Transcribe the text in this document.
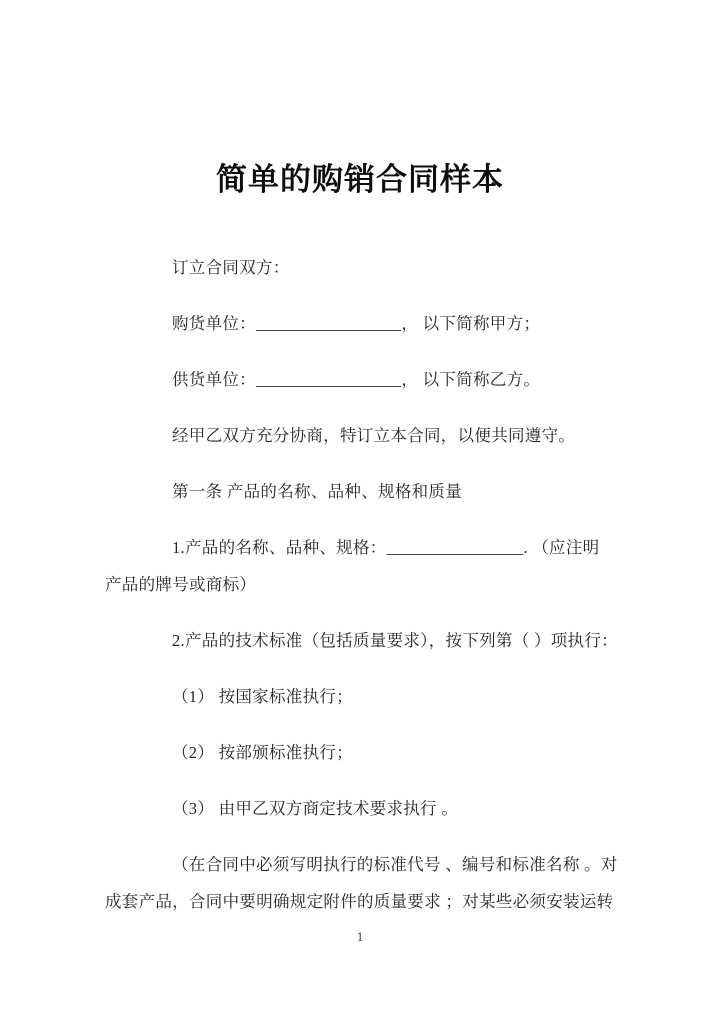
简单的购销合同样本

订立合同双方：

购货单位：_________________， 以下简称甲方；

供货单位：_________________， 以下简称乙方。

经甲乙双方充分协商，特订立本合同，以便共同遵守。

第一条 产品的名称、品种、规格和质量

1.产品的名称、品种、规格：________________. （应注明
产品的牌号或商标）

2.产品的技术标准（包括质量要求），按下列第（ ）项执行：

（1） 按国家标准执行；

（2） 按部颁标准执行；

（3） 由甲乙双方商定技术要求执行 。

（在合同中必须写明执行的标准代号 、编号和标准名称 。对
成套产品，合同中要明确规定附件的质量要求 ；对某些必须安装运转

1
